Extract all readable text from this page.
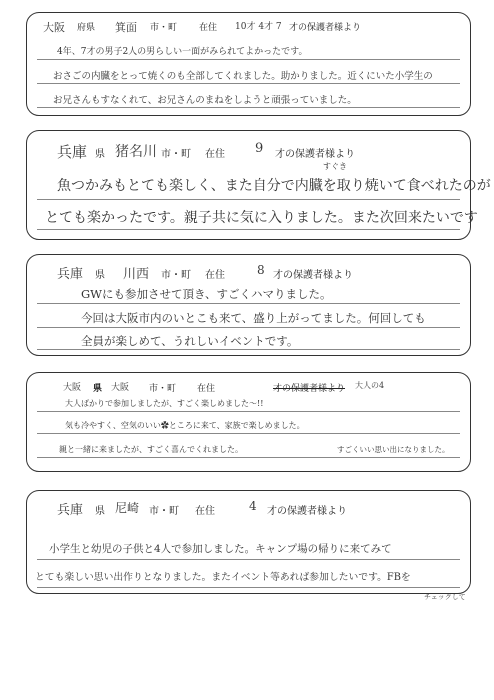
大阪 府県 箕面 市・町 在住 10才 4才 7 才の保護者様より
4年、7才の男子2人の男らしい一面がみられてよかったです。
おさごの内臓をとって焼くのも全部してくれました。助かりました。近くにいた小学生の
お兄さんもすなくれて、お兄さんのまねをしようと頑張っていました。
兵庫 県 猪名川 市・町 在住 9 才の保護者様より
すぐき
魚つかみもとても楽しく、また自分で内臓を取り焼いて食べれたのが
とても楽かったです。親子共に気に入りました。また次回来たいです
兵庫 県 川西 市・町 在住	8 才の保護者様より
GWにも参加させて頂き、すごくハマりました。
今回は大阪市内のいとこも来て、盛り上がってました。何回しても
全員が楽しめて、うれしいイベントです。
大阪 県 大阪 市・町 在住	才の保護者様より 大人の4
大人ばかりで参加しましたが、すごく楽しめました〜!!
気も冷やすく、空気のいい✿ところに来て、家族で楽しめました。
親と一緒に来ましたが、すごく喜んでくれました。	すごくいい思い出になりました。
兵庫 県 尼崎 市・町 在住	4 才の保護者様より
小学生と幼児の子供と4人で参加しました。キャンプ場の帰りに来てみて
とても楽しい思い出作りとなりました。またイベント等あれば参加したいです。FBを
チェックして
